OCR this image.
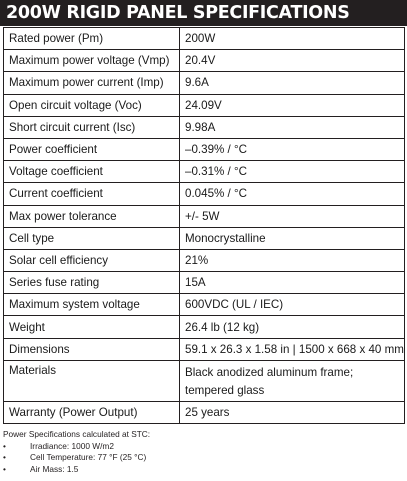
200W RIGID PANEL SPECIFICATIONS
Rated power (Pm)	200W

Maximum power voltage (Vmp)	20.4V

Maximum power current (Imp)	9.6A

Open circuit voltage (Voc)	24.09V

Short circuit current (Isc)	9.98A

Power coefficient	–0.39% / °C

Voltage coefficient	–0.31% / °C

Current coefficient	0.045% / °C

Max power tolerance	+/- 5W

Cell type	Monocrystalline

Solar cell efficiency	21%

Series fuse rating	15A

Maximum system voltage	600VDC (UL / IEC)

Weight	26.4 lb (12 kg)

Dimensions	59.1 x 26.3 x 1.58 in | 1500 x 668 x 40 mm

Materials	Black anodized aluminum frame;
tempered glass

Warranty (Power Output)	25 years
Power Specifications calculated at STC:
•	Irradiance: 1000 W/m2
•	Cell Temperature: 77 °F (25 °C)
•	Air Mass: 1.5
